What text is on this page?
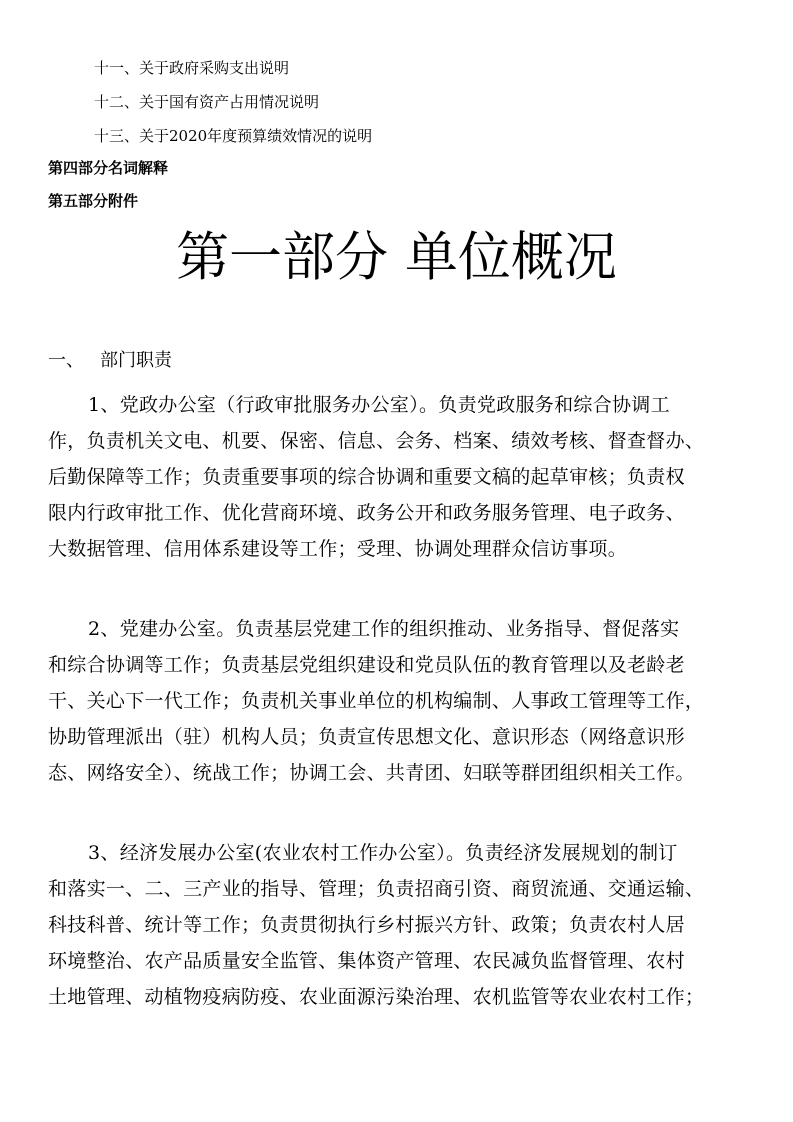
十一、关于政府采购支出说明
十二、关于国有资产占用情况说明
十三、关于2020年度预算绩效情况的说明
第四部分名词解释
第五部分附件
第一部分 单位概况
一、 部门职责
1、党政办公室（行政审批服务办公室）。负责党政服务和综合协调工
作，负责机关文电、机要、保密、信息、会务、档案、绩效考核、督查督办、
后勤保障等工作；负责重要事项的综合协调和重要文稿的起草审核；负责权
限内行政审批工作、优化营商环境、政务公开和政务服务管理、电子政务、
大数据管理、信用体系建设等工作；受理、协调处理群众信访事项。
2、党建办公室。负责基层党建工作的组织推动、业务指导、督促落实
和综合协调等工作；负责基层党组织建设和党员队伍的教育管理以及老龄老
干、关心下一代工作；负责机关事业单位的机构编制、人事政工管理等工作，
协助管理派出（驻）机构人员；负责宣传思想文化、意识形态（网络意识形
态、网络安全）、统战工作；协调工会、共青团、妇联等群团组织相关工作。
3、经济发展办公室(农业农村工作办公室）。负责经济发展规划的制订
和落实一、二、三产业的指导、管理；负责招商引资、商贸流通、交通运输、
科技科普、统计等工作；负责贯彻执行乡村振兴方针、政策；负责农村人居
环境整治、农产品质量安全监管、集体资产管理、农民减负监督管理、农村
土地管理、动植物疫病防疫、农业面源污染治理、农机监管等农业农村工作；
